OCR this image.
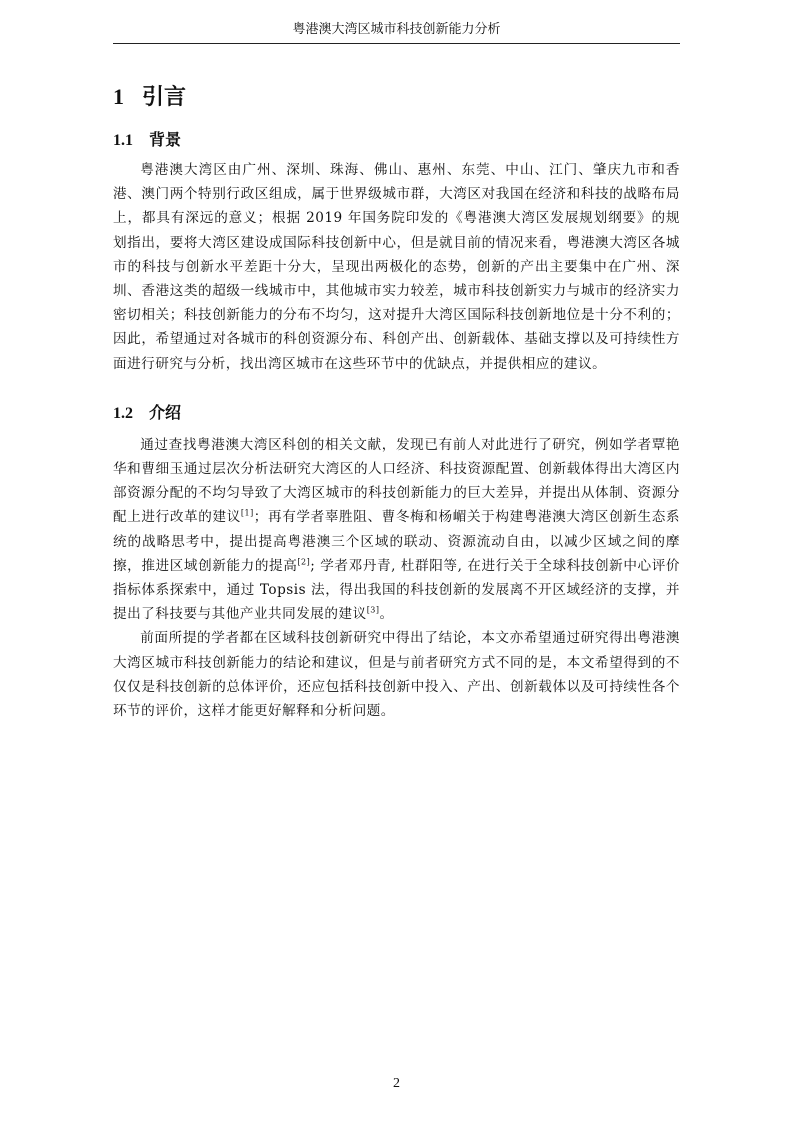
粤港澳大湾区城市科技创新能力分析
1 引言
1.1 背景

粤港澳大湾区由广州、深圳、珠海、佛山、惠州、东莞、中山、江门、肇庆九市和香港、澳门两个特别行政区组成，属于世界级城市群，大湾区对我国在经济和科技的战略布局上，都具有深远的意义；根据 2019 年国务院印发的《粤港澳大湾区发展规划纲要》的规划指出，要将大湾区建设成国际科技创新中心，但是就目前的情况来看，粤港澳大湾区各城市的科技与创新水平差距十分大，呈现出两极化的态势，创新的产出主要集中在广州、深圳、香港这类的超级一线城市中，其他城市实力较差，城市科技创新实力与城市的经济实力密切相关；科技创新能力的分布不均匀，这对提升大湾区国际科技创新地位是十分不利的；因此，希望通过对各城市的科创资源分布、科创产出、创新载体、基础支撑以及可持续性方面进行研究与分析，找出湾区城市在这些环节中的优缺点，并提供相应的建议。

1.2 介绍

通过查找粤港澳大湾区科创的相关文献，发现已有前人对此进行了研究，例如学者覃艳华和曹细玉通过层次分析法研究大湾区的人口经济、科技资源配置、创新载体得出大湾区内部资源分配的不均匀导致了大湾区城市的科技创新能力的巨大差异，并提出从体制、资源分配上进行改革的建议[1]；再有学者辜胜阻、曹冬梅和杨嵋关于构建粤港澳大湾区创新生态系统的战略思考中，提出提高粤港澳三个区域的联动、资源流动自由，以减少区域之间的摩擦，推进区域创新能力的提高[2]; 学者邓丹青, 杜群阳等, 在进行关于全球科技创新中心评价指标体系探索中，通过 Topsis 法，得出我国的科技创新的发展离不开区域经济的支撑，并提出了科技要与其他产业共同发展的建议[3]。

前面所提的学者都在区域科技创新研究中得出了结论，本文亦希望通过研究得出粤港澳大湾区城市科技创新能力的结论和建议，但是与前者研究方式不同的是，本文希望得到的不仅仅是科技创新的总体评价，还应包括科技创新中投入、产出、创新载体以及可持续性各个环节的评价，这样才能更好解释和分析问题。

2
